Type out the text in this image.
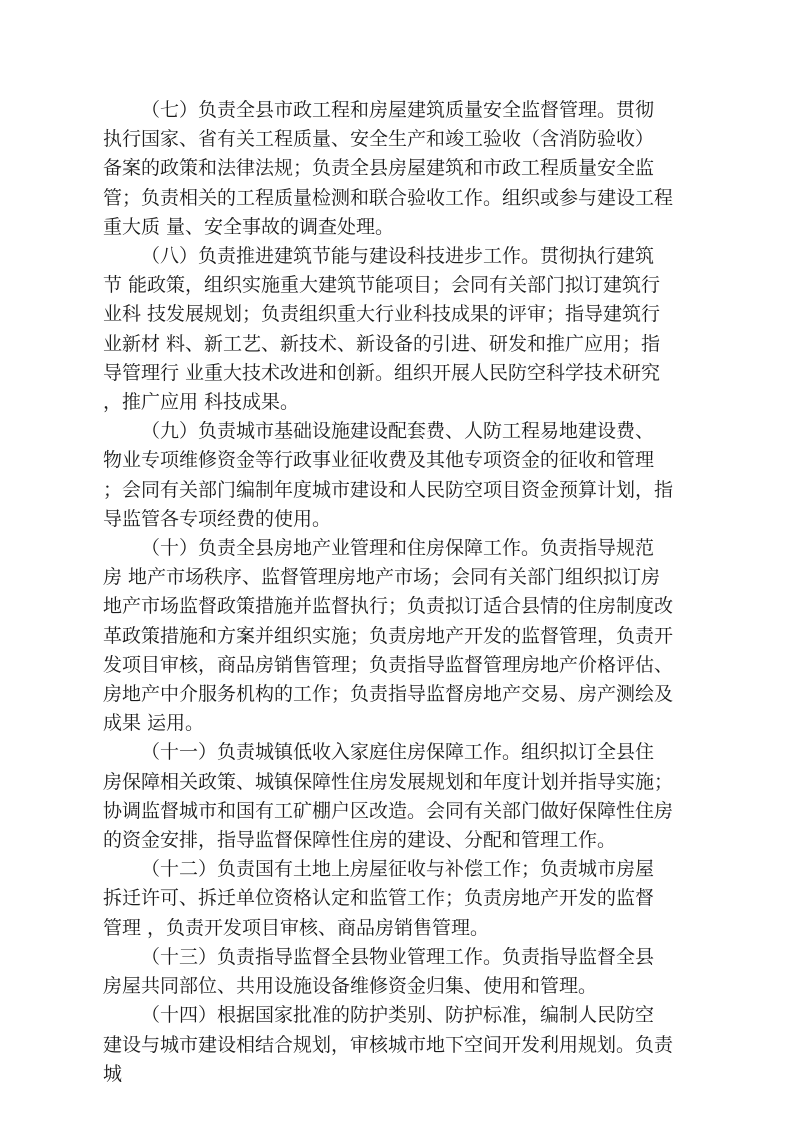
（七）负责全县市政工程和房屋建筑质量安全监督管理。贯彻
执行国家、省有关工程质量、安全生产和竣工验收（含消防验收）
备案的政策和法律法规；负责全县房屋建筑和市政工程质量安全监
管；负责相关的工程质量检测和联合验收工作。组织或参与建设工程
重大质 量、安全事故的调查处理。

（八）负责推进建筑节能与建设科技进步工作。贯彻执行建筑
节 能政策，组织实施重大建筑节能项目；会同有关部门拟订建筑行
业科 技发展规划；负责组织重大行业科技成果的评审；指导建筑行
业新材 料、新工艺、新技术、新设备的引进、研发和推广应用；指
导管理行 业重大技术改进和创新。组织开展人民防空科学技术研究
，推广应用 科技成果。

（九）负责城市基础设施建设配套费、人防工程易地建设费、
物业专项维修资金等行政事业征收费及其他专项资金的征收和管理
；会同有关部门编制年度城市建设和人民防空项目资金预算计划，指
导监管各专项经费的使用。

（十）负责全县房地产业管理和住房保障工作。负责指导规范
房 地产市场秩序、监督管理房地产市场；会同有关部门组织拟订房
地产市场监督政策措施并监督执行；负责拟订适合县情的住房制度改
革政策措施和方案并组织实施；负责房地产开发的监督管理，负责开
发项目审核，商品房销售管理；负责指导监督管理房地产价格评估、
房地产中介服务机构的工作；负责指导监督房地产交易、房产测绘及
成果 运用。

（十一）负责城镇低收入家庭住房保障工作。组织拟订全县住
房保障相关政策、城镇保障性住房发展规划和年度计划并指导实施；
协调监督城市和国有工矿棚户区改造。会同有关部门做好保障性住房
的资金安排，指导监督保障性住房的建设、分配和管理工作。

（十二）负责国有土地上房屋征收与补偿工作；负责城市房屋
拆迁许可、拆迁单位资格认定和监管工作；负责房地产开发的监督
管理 ，负责开发项目审核、商品房销售管理。

（十三）负责指导监督全县物业管理工作。负责指导监督全县
房屋共同部位、共用设施设备维修资金归集、使用和管理。

（十四）根据国家批准的防护类别、防护标准，编制人民防空
建设与城市建设相结合规划，审核城市地下空间开发利用规划。负责
城
